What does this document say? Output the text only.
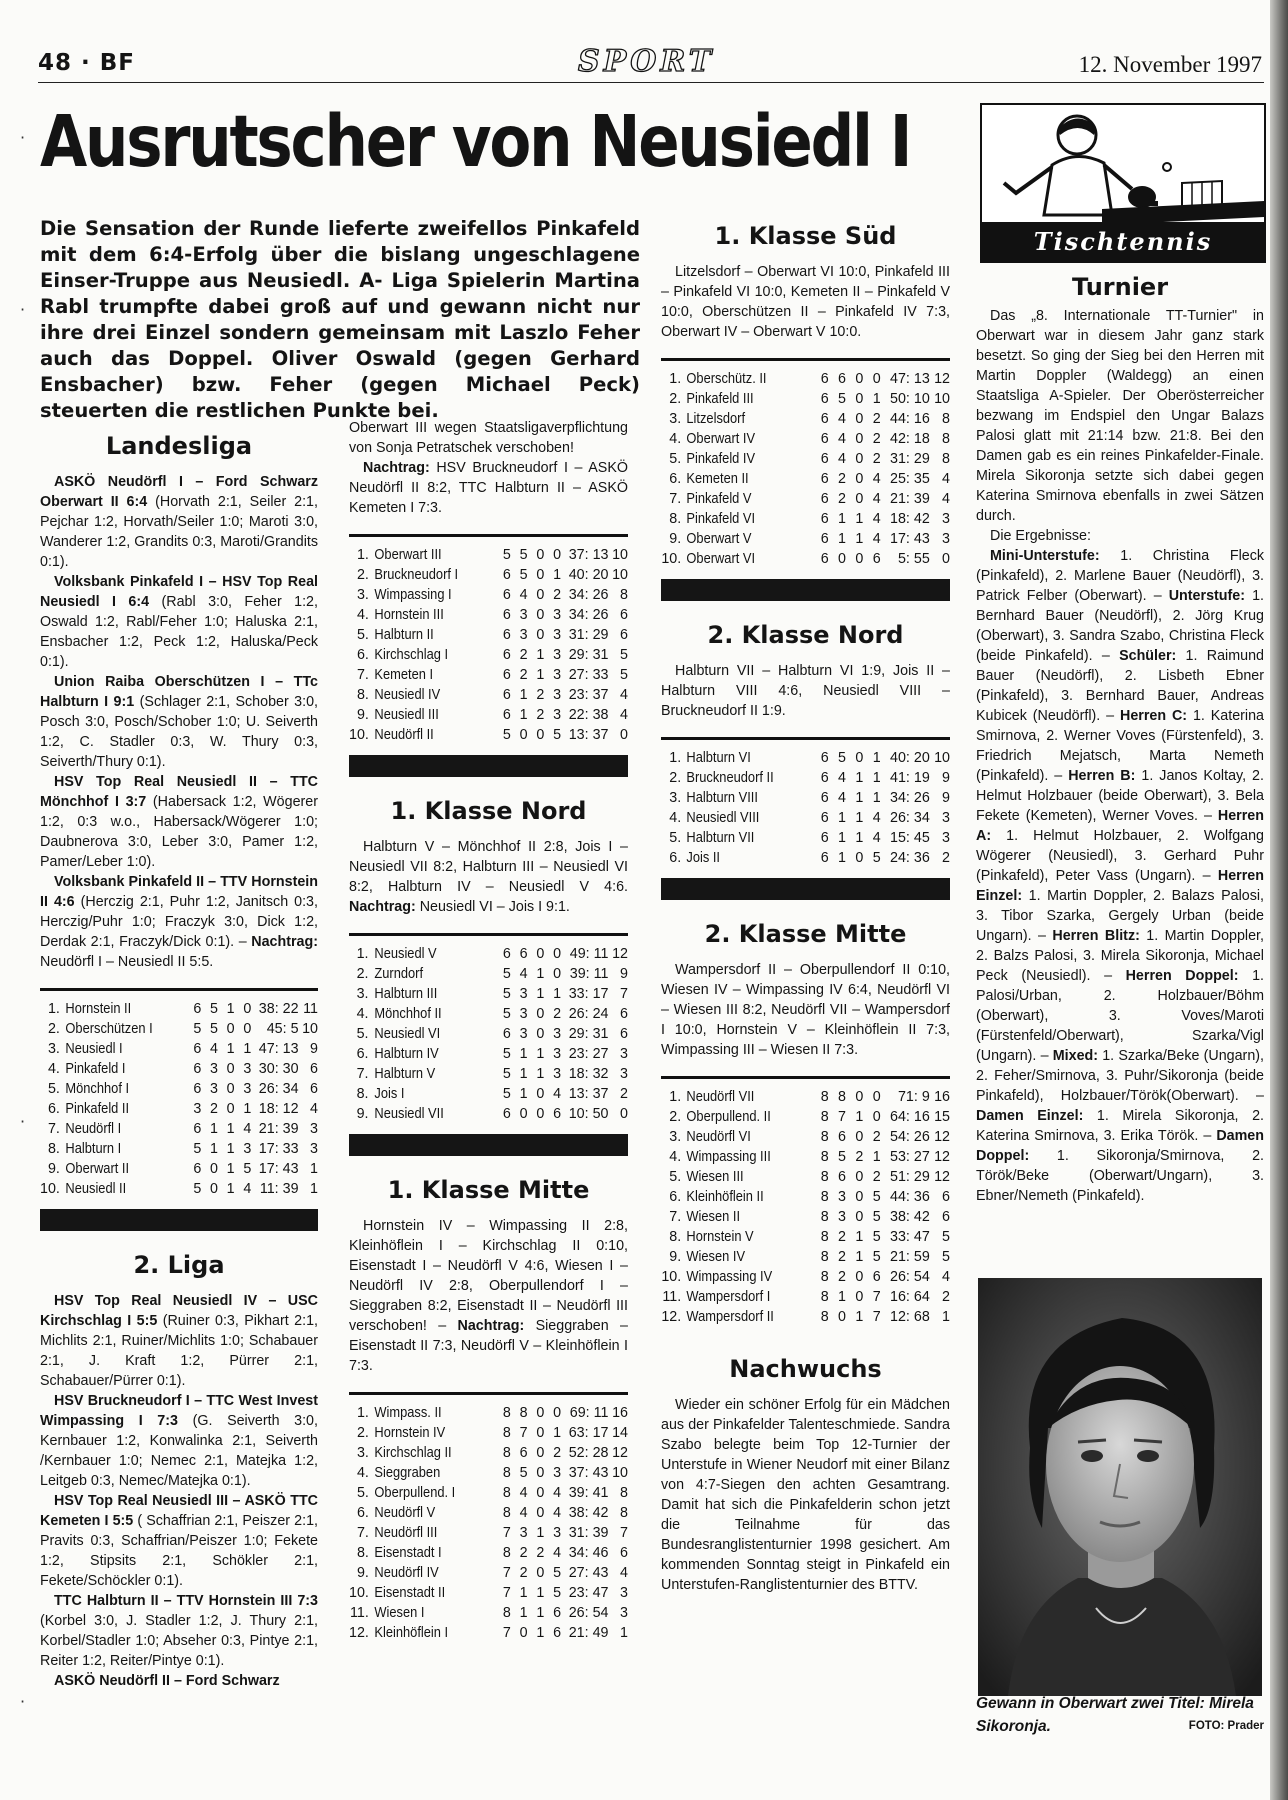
48 · BF	SPORT	12. November 1997
Ausrutscher von Neusiedl I
Die Sensation der Runde lieferte zweifellos Pinkafeld mit dem 6:4-Erfolg über die bislang ungeschlagene Einser-Truppe aus Neusiedl. A- Liga Spielerin Martina Rabl trumpfte dabei groß auf und gewann nicht nur ihre drei Einzel sondern gemeinsam mit Laszlo Feher auch das Doppel. Oliver Oswald (gegen Gerhard Ensbacher) bzw. Feher (gegen Michael Peck) steuerten die restlichen Punkte bei.
·
·
·
·
Landesliga

ASKÖ Neudörfl I – Ford Schwarz Oberwart II 6:4 (Horvath 2:1, Seiler 2:1, Pejchar 1:2, Horvath/Seiler 1:0; Maroti 3:0, Wanderer 1:2, Grandits 0:3, Maroti/Grandits 0:1).

Volksbank Pinkafeld I – HSV Top Real Neusiedl I 6:4 (Rabl 3:0, Feher 1:2, Oswald 1:2, Rabl/Feher 1:0; Haluska 2:1, Ensbacher 1:2, Peck 1:2, Haluska/Peck 0:1).

Union Raiba Oberschützen I – TTc Halbturn I 9:1 (Schlager 2:1, Schober 3:0, Posch 3:0, Posch/Schober 1:0; U. Seiverth 1:2, C. Stadler 0:3, W. Thury 0:3, Seiverth/Thury 0:1).

HSV Top Real Neusiedl II – TTC Mönchhof I 3:7 (Habersack 1:2, Wögerer 1:2, 0:3 w.o., Habersack/Wögerer 1:0; Daubnerova 3:0, Leber 3:0, Pamer 1:2, Pamer/Leber 1:0).

Volksbank Pinkafeld II – TTV Hornstein II 4:6 (Herczig 2:1, Puhr 1:2, Janitsch 0:3, Herczig/Puhr 1:0; Fraczyk 3:0, Dick 1:2, Derdak 2:1, Fraczyk/Dick 0:1). – Nachtrag: Neudörfl I – Neusiedl II 5:5.

1.	Hornstein II	6	5	1	0	38: 22	11
2.	Oberschützen I	5	5	0	0	45: 5	10
3.	Neusiedl I	6	4	1	1	47: 13	9
4.	Pinkafeld I	6	3	0	3	30: 30	6
5.	Mönchhof I	6	3	0	3	26: 34	6
6.	Pinkafeld II	3	2	0	1	18: 12	4
7.	Neudörfl I	6	1	1	4	21: 39	3
8.	Halbturn I	5	1	1	3	17: 33	3
9.	Oberwart II	6	0	1	5	17: 43	1
10.	Neusiedl II	5	0	1	4	11: 39	1
2. Liga

HSV Top Real Neusiedl IV – USC Kirchschlag I 5:5 (Ruiner 0:3, Pikhart 2:1, Michlits 2:1, Ruiner/Michlits 1:0; Schabauer 2:1, J. Kraft 1:2, Pürrer 2:1, Schabauer/Pürrer 0:1).

HSV Bruckneudorf I – TTC West Invest Wimpassing I 7:3 (G. Seiverth 3:0, Kernbauer 1:2, Konwalinka 2:1, Seiverth /Kernbauer 1:0; Nemec 2:1, Matejka 1:2, Leitgeb 0:3, Nemec/Matejka 0:1).

HSV Top Real Neusiedl III – ASKÖ TTC Kemeten I 5:5 ( Schaffrian 2:1, Peiszer 2:1, Pravits 0:3, Schaffrian/Peiszer 1:0; Fekete 1:2, Stipsits 2:1, Schökler 2:1, Fekete/Schöckler 0:1).

TTC Halbturn II – TTV Hornstein III 7:3 (Korbel 3:0, J. Stadler 1:2, J. Thury 2:1, Korbel/Stadler 1:0; Abseher 0:3, Pintye 2:1, Reiter 1:2, Reiter/Pintye 0:1).

ASKÖ Neudörfl II – Ford Schwarz

Oberwart III wegen Staatsligaverpflichtung von Sonja Petratschek verschoben!

Nachtrag: HSV Bruckneudorf I – ASKÖ Neudörfl II 8:2, TTC Halbturn II – ASKÖ Kemeten I 7:3.

1.	Oberwart III	5	5	0	0	37: 13	10
2.	Bruckneudorf I	6	5	0	1	40: 20	10
3.	Wimpassing I	6	4	0	2	34: 26	8
4.	Hornstein III	6	3	0	3	34: 26	6
5.	Halbturn II	6	3	0	3	31: 29	6
6.	Kirchschlag I	6	2	1	3	29: 31	5
7.	Kemeten I	6	2	1	3	27: 33	5
8.	Neusiedl IV	6	1	2	3	23: 37	4
9.	Neusiedl III	6	1	2	3	22: 38	4
10.	Neudörfl II	5	0	0	5	13: 37	0
1. Klasse Nord

Halbturn V – Mönchhof II 2:8, Jois I – Neusiedl VII 8:2, Halbturn III – Neusiedl VI 8:2, Halbturn IV – Neusiedl V 4:6. Nachtrag: Neusiedl VI – Jois I 9:1.

1.	Neusiedl V	6	6	0	0	49: 11	12
2.	Zurndorf	5	4	1	0	39: 11	9
3.	Halbturn III	5	3	1	1	33: 17	7
4.	Mönchhof II	5	3	0	2	26: 24	6
5.	Neusiedl VI	6	3	0	3	29: 31	6
6.	Halbturn IV	5	1	1	3	23: 27	3
7.	Halbturn V	5	1	1	3	18: 32	3
8.	Jois I	5	1	0	4	13: 37	2
9.	Neusiedl VII	6	0	0	6	10: 50	0
1. Klasse Mitte

Hornstein IV – Wimpassing II 2:8, Kleinhöflein I – Kirchschlag II 0:10, Eisenstadt I – Neudörfl V 4:6, Wiesen I – Neudörfl IV 2:8, Oberpullendorf I – Sieggraben 8:2, Eisenstadt II – Neudörfl III verschoben! – Nachtrag: Sieggraben – Eisenstadt II 7:3, Neudörfl V – Kleinhöflein I 7:3.

1.	Wimpass. II	8	8	0	0	69: 11	16
2.	Hornstein IV	8	7	0	1	63: 17	14
3.	Kirchschlag II	8	6	0	2	52: 28	12
4.	Sieggraben	8	5	0	3	37: 43	10
5.	Oberpullend. I	8	4	0	4	39: 41	8
6.	Neudörfl V	8	4	0	4	38: 42	8
7.	Neudörfl III	7	3	1	3	31: 39	7
8.	Eisenstadt I	8	2	2	4	34: 46	6
9.	Neudörfl IV	7	2	0	5	27: 43	4
10.	Eisenstadt II	7	1	1	5	23: 47	3
11.	Wiesen I	8	1	1	6	26: 54	3
12.	Kleinhöflein I	7	0	1	6	21: 49	1
1. Klasse Süd

Litzelsdorf – Oberwart VI 10:0, Pinkafeld III – Pinkafeld VI 10:0, Kemeten II – Pinkafeld V 10:0, Oberschützen II – Pinkafeld IV 7:3, Oberwart IV – Oberwart V 10:0.

1.	Oberschütz. II	6	6	0	0	47: 13	12
2.	Pinkafeld III	6	5	0	1	50: 10	10
3.	Litzelsdorf	6	4	0	2	44: 16	8
4.	Oberwart IV	6	4	0	2	42: 18	8
5.	Pinkafeld IV	6	4	0	2	31: 29	8
6.	Kemeten II	6	2	0	4	25: 35	4
7.	Pinkafeld V	6	2	0	4	21: 39	4
8.	Pinkafeld VI	6	1	1	4	18: 42	3
9.	Oberwart V	6	1	1	4	17: 43	3
10.	Oberwart VI	6	0	0	6	5: 55	0
2. Klasse Nord

Halbturn VII – Halbturn VI 1:9, Jois II – Halbturn VIII 4:6, Neusiedl VIII – Bruckneudorf II 1:9.

1.	Halbturn VI	6	5	0	1	40: 20	10
2.	Bruckneudorf II	6	4	1	1	41: 19	9
3.	Halbturn VIII	6	4	1	1	34: 26	9
4.	Neusiedl VIII	6	1	1	4	26: 34	3
5.	Halbturn VII	6	1	1	4	15: 45	3
6.	Jois II	6	1	0	5	24: 36	2
2. Klasse Mitte

Wampersdorf II – Oberpullendorf II 0:10, Wiesen IV – Wimpassing IV 6:4, Neudörfl VI – Wiesen III 8:2, Neudörfl VII – Wampersdorf I 10:0, Hornstein V – Kleinhöflein II 7:3, Wimpassing III – Wiesen II 7:3.

1.	Neudörfl VII	8	8	0	0	71: 9	16
2.	Oberpullend. II	8	7	1	0	64: 16	15
3.	Neudörfl VI	8	6	0	2	54: 26	12
4.	Wimpassing III	8	5	2	1	53: 27	12
5.	Wiesen III	8	6	0	2	51: 29	12
6.	Kleinhöflein II	8	3	0	5	44: 36	6
7.	Wiesen II	8	3	0	5	38: 42	6
8.	Hornstein V	8	2	1	5	33: 47	5
9.	Wiesen IV	8	2	1	5	21: 59	5
10.	Wimpassing IV	8	2	0	6	26: 54	4
11.	Wampersdorf I	8	1	0	7	16: 64	2
12.	Wampersdorf II	8	0	1	7	12: 68	1
Nachwuchs

Wieder ein schöner Erfolg für ein Mädchen aus der Pinkafelder Talenteschmiede. Sandra Szabo belegte beim Top 12-Turnier der Unterstufe in Wiener Neudorf mit einer Bilanz von 4:7-Siegen den achten Gesamtrang. Damit hat sich die Pinkafelderin schon jetzt die Teilnahme für das Bundesranglistenturnier 1998 gesichert. Am kommenden Sonntag steigt in Pinkafeld ein Unterstufen-Ranglistenturnier des BTTV.

Tischtennis
Turnier

Das „8. Internationale TT-Turnier" in Oberwart war in diesem Jahr ganz stark besetzt. So ging der Sieg bei den Herren mit Martin Doppler (Waldegg) an einen Staatsliga A-Spieler. Der Oberösterreicher bezwang im Endspiel den Ungar Balazs Palosi glatt mit 21:14 bzw. 21:8. Bei den Damen gab es ein reines Pinkafelder-Finale. Mirela Sikoronja setzte sich dabei gegen Katerina Smirnova ebenfalls in zwei Sätzen durch.

Die Ergebnisse:

Mini-Unterstufe: 1. Christina Fleck (Pinkafeld), 2. Marlene Bauer (Neudörfl), 3. Patrick Felber (Oberwart). – Unterstufe: 1. Bernhard Bauer (Neudörfl), 2. Jörg Krug (Oberwart), 3. Sandra Szabo, Christina Fleck (beide Pinkafeld). – Schüler: 1. Raimund Bauer (Neudörfl), 2. Lisbeth Ebner (Pinkafeld), 3. Bernhard Bauer, Andreas Kubicek (Neudörfl). – Herren C: 1. Katerina Smirnova, 2. Werner Voves (Fürstenfeld), 3. Friedrich Mejatsch, Marta Nemeth (Pinkafeld). – Herren B: 1. Janos Koltay, 2. Helmut Holzbauer (beide Oberwart), 3. Bela Fekete (Kemeten), Werner Voves. – Herren A: 1. Helmut Holzbauer, 2. Wolfgang Wögerer (Neusiedl), 3. Gerhard Puhr (Pinkafeld), Peter Vass (Ungarn). – Herren Einzel: 1. Martin Doppler, 2. Balazs Palosi, 3. Tibor Szarka, Gergely Urban (beide Ungarn). – Herren Blitz: 1. Martin Doppler, 2. Balzs Palosi, 3. Mirela Sikoronja, Michael Peck (Neusiedl). – Herren Doppel: 1. Palosi/Urban, 2. Holzbauer/Böhm (Oberwart), 3. Voves/Maroti (Fürstenfeld/Oberwart), Szarka/Vigl (Ungarn). – Mixed: 1. Szarka/Beke (Ungarn), 2. Feher/Smirnova, 3. Puhr/Sikoronja (beide Pinkafeld), Holzbauer/Török(Oberwart). – Damen Einzel: 1. Mirela Sikoronja, 2. Katerina Smirnova, 3. Erika Török. – Damen Doppel: 1. Sikoronja/Smirnova, 2. Török/Beke (Oberwart/Ungarn), 3. Ebner/Nemeth (Pinkafeld).

Gewann in Oberwart zwei Titel: Mirela Sikoronja.	FOTO: Prader
